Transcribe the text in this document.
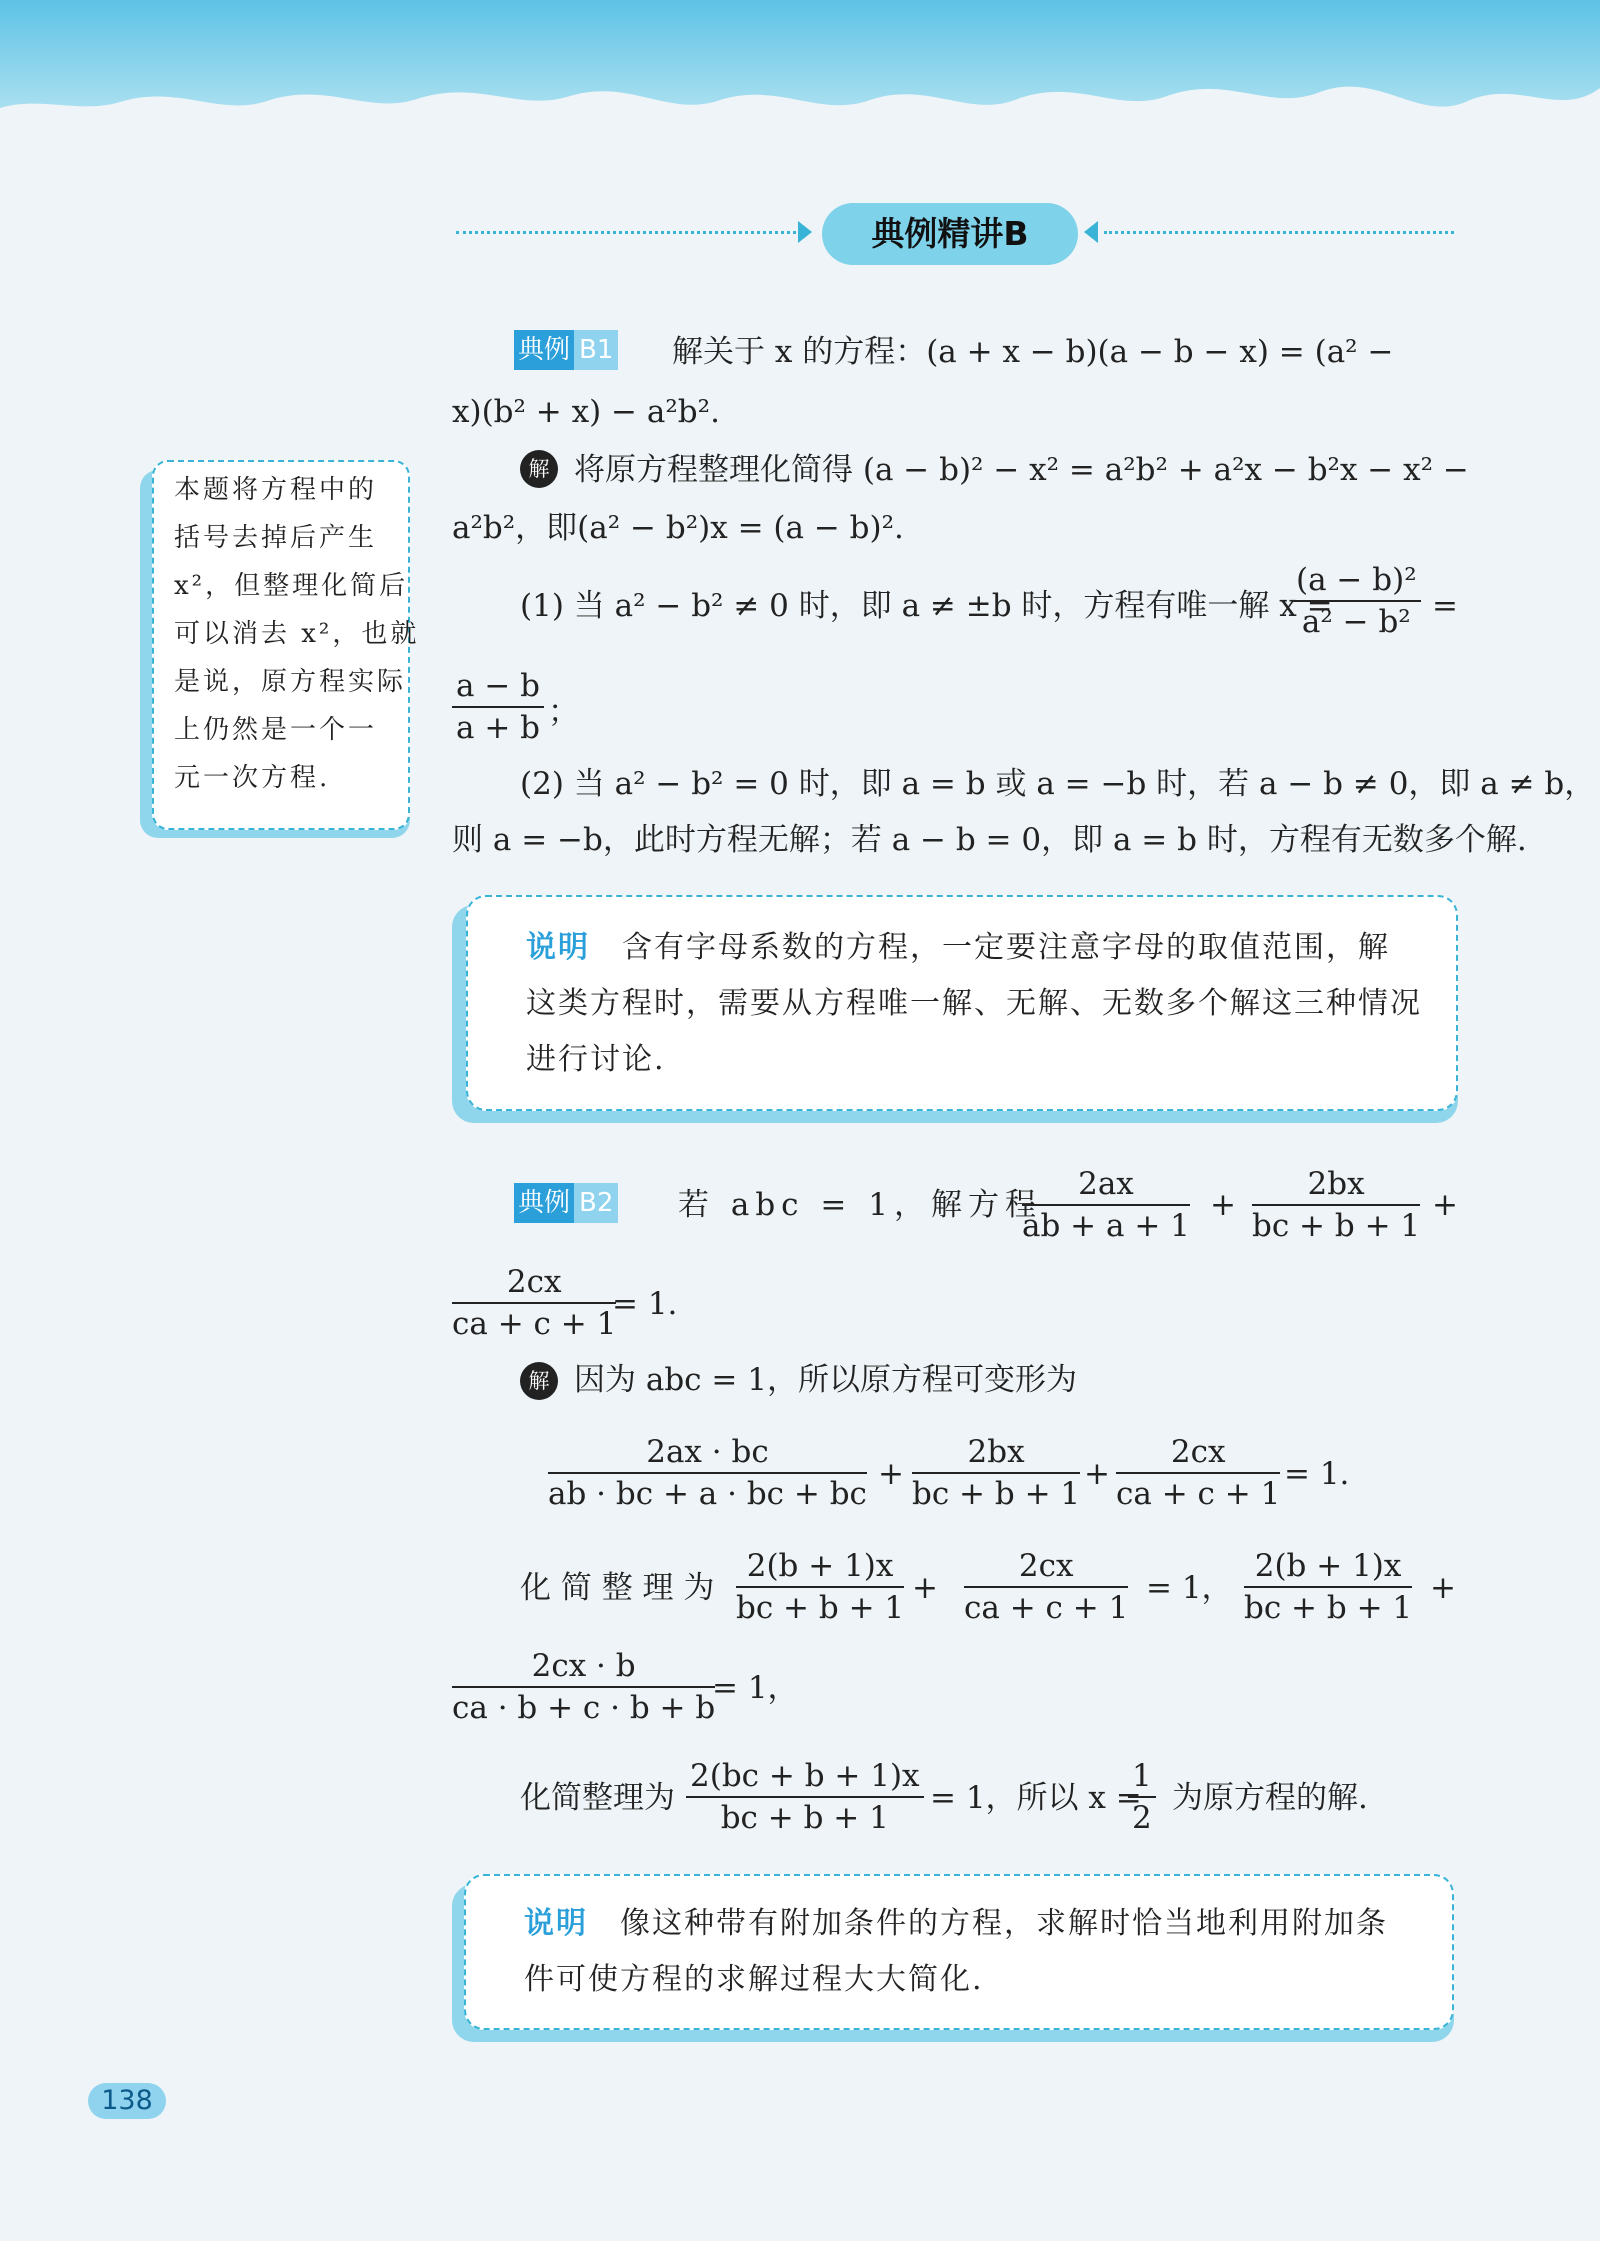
典例精讲B
典例 B1 解关于 x 的方程：(a + x − b)(a − b − x) = (a² −
x)(b² + x) − a²b².
解 将原方程整理化简得 (a − b)² − x² = a²b² + a²x − b²x − x² −
a²b²，即(a² − b²)x = (a − b)².
(1) 当 a² − b² ≠ 0 时，即 a ≠ ±b 时，方程有唯一解 x =
$\frac{\text{(a − b)²}}{\text{a² − b²}}$ =
$\frac{a - b}{a + b}$ ；
(2) 当 a² − b² = 0 时，即 a = b 或 a = −b 时，若 a − b ≠ 0，即 a ≠ b，
则 a = −b，此时方程无解；若 a − b = 0，即 a = b 时，方程有无数多个解.
本题将方程中的
括号去掉后产生
x²，但整理化简后
可以消去 x²，也就
是说，原方程实际
上仍然是一个一
元一次方程.
说明　 含有字母系数的方程，一定要注意字母的取值范围，解
这类方程时，需要从方程唯一解、无解、无数多个解这三种情况
进行讨论.
典例 B2 若 abc = 1，解方程
$\frac{2ax}{ab + a + 1} + \frac{2bx}{bc + b + 1}$ +
$\frac{2cx}{ca + c + 1}$
= 1.
解 因为 abc = 1，所以原方程可变形为
$\frac{2ax \cdot bc}{ab \cdot bc + a \cdot bc + bc} + \frac{2bx}{bc + b + 1} + \frac{2cx}{ca + c + 1} = 1$.
化 简 整 理 为 $\frac{2(b + 1)x}{bc + b + 1} + \frac{2cx}{ca + c + 1} = 1$， $\frac{2(b + 1)x}{bc + b + 1}$ +
$\frac{2cx \cdot b}{ca \cdot b + c \cdot b + b}$
= 1，
化简整理为 $\frac{2(bc + b + 1)x}{bc + b + 1} = 1$，所以 x =
$\frac{1}{2}$ 为原方程的解.
说明　 像这种带有附加条件的方程，求解时恰当地利用附加条
件可使方程的求解过程大大简化.
138
